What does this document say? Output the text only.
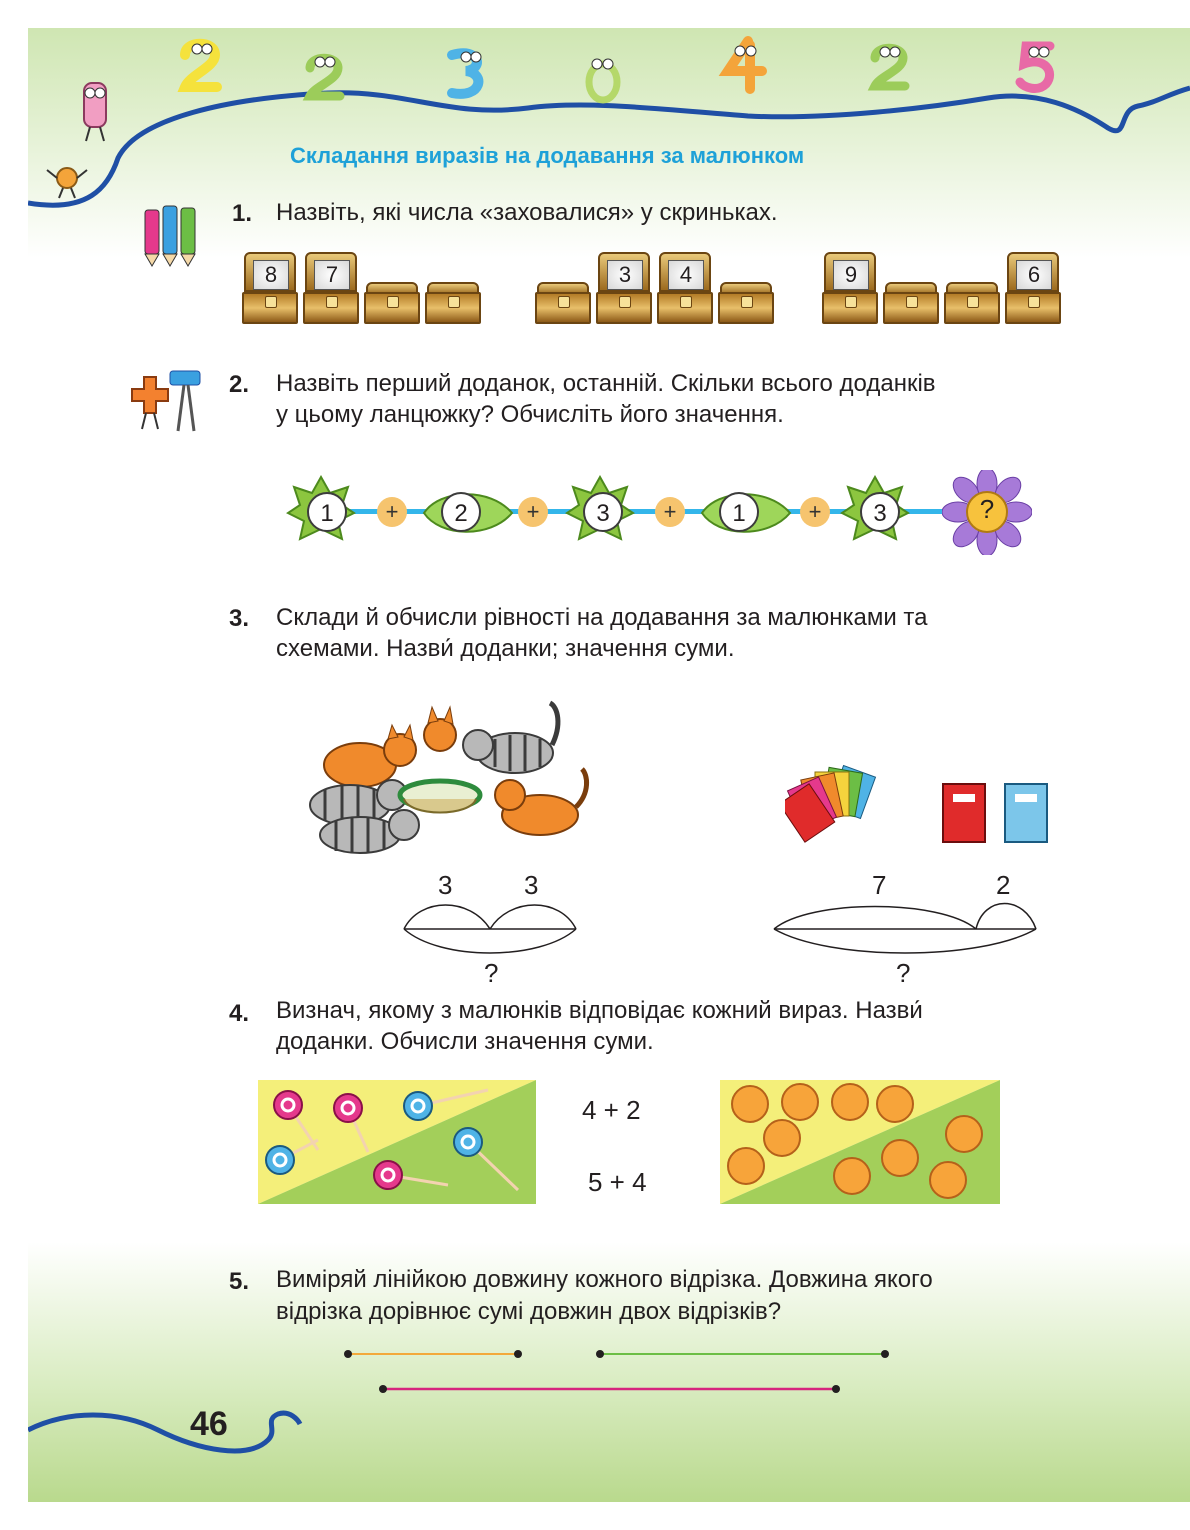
Складання виразів на додавання за малюнком
1. Назвіть, які числа «заховалися» у скриньках.
8	7	3	4	9	6
2. Назвіть перший доданок, останній. Скільки всього доданків
у цьому ланцюжку? Обчисліть його значення.
1	+	2	+	3	+	1	+	3	?
3. Склади й обчисли рівності на додавання за малюнками та
схемами. Назви́ доданки; значення суми.
3	3
?
7	2
?
4. Визнач, якому з малюнків відповідає кожний вираз. Назви́
доданки. Обчисли значення суми.
4 + 2
5 + 4
5. Виміряй лінійкою довжину кожного відрізка. Довжина якого
відрізка дорівнює сумі довжин двох відрізків?
46
